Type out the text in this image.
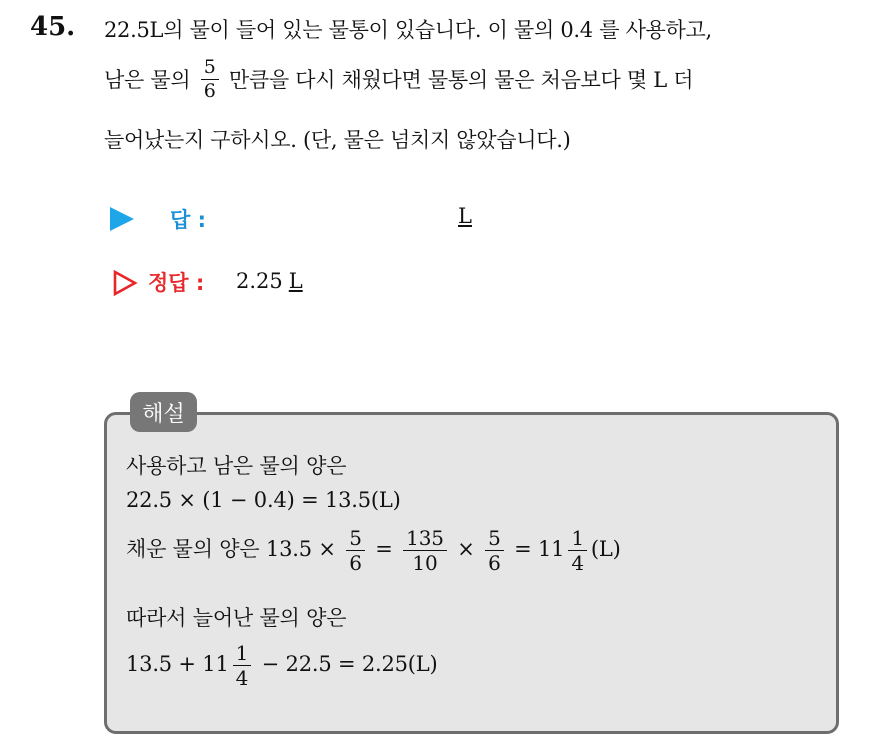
45. 22.5L의 물이 들어 있는 물통이 있습니다. 이 물의 0.4 를 사용하고,
남은 물의 $\frac{5}{6}$ 만큼을 다시 채웠다면 물통의 물은 처음보다 몇 L 더
늘어났는지 구하시오. (단, 물은 넘치지 않았습니다.)
답 :	L
정답 : 2.25 L
해설
사용하고 남은 물의 양은
22.5 × (1 − 0.4) = 13.5(L)
채운 물의 양은 $13.5 \times \frac{5}{6} = \frac{135}{10} \times \frac{5}{6} = 11 \frac{1}{4} (L)$
따라서 늘어난 물의 양은
$13.5 + 11 \frac{1}{4} - 22.5 = 2.25(L)$
